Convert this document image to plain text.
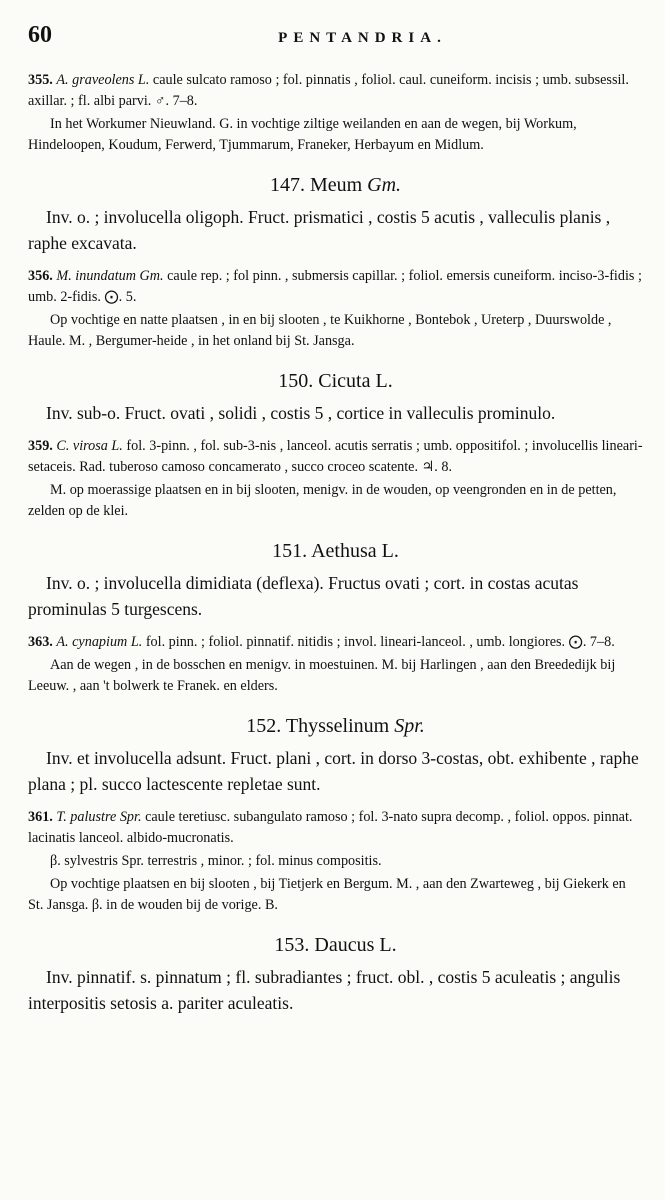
60	PENTANDRIA.
355. A. graveolens L. caule sulcato ramoso ; fol. pinnatis , foliol. caul. cuneiform. incisis ; umb. subsessil. axillar. ; fl. albi parvi. ♂. 7–8.
In het Workumer Nieuwland. G. in vochtige ziltige weilanden en aan de wegen, bij Workum, Hindeloopen, Koudum, Ferwerd, Tjummarum, Franeker, Herbayum en Midlum.
147. Meum Gm.
Inv. o. ; involucella oligoph. Fruct. prismatici , costis 5 acutis , valleculis planis , raphe excavata.
356. M. inundatum Gm. caule rep. ; fol pinn. , submersis capillar. ; foliol. emersis cuneiform. inciso-3-fidis ; umb. 2-fidis. ⨀. 5.
Op vochtige en natte plaatsen , in en bij slooten , te Kuikhorne , Bontebok , Ureterp , Duurswolde , Haule. M. , Bergumer-heide , in het onland bij St. Jansga.
150. Cicuta L.
Inv. sub-o. Fruct. ovati , solidi , costis 5 , cortice in valleculis prominulo.
359. C. virosa L. fol. 3-pinn. , fol. sub-3-nis , lanceol. acutis serratis ; umb. oppositifol. ; involucellis lineari-setaceis. Rad. tuberoso camoso concamerato , succo croceo scatente. ♃. 8.
M. op moerassige plaatsen en in bij slooten, menigv. in de wouden, op veengronden en in de petten, zelden op de klei.
151. Aethusa L.
Inv. o. ; involucella dimidiata (deflexa). Fructus ovati ; cort. in costas acutas prominulas 5 turgescens.
363. A. cynapium L. fol. pinn. ; foliol. pinnatif. nitidis ; invol. lineari-lanceol. , umb. longiores. ⨀. 7–8.
Aan de wegen , in de bosschen en menigv. in moestuinen. M. bij Harlingen , aan den Breededijk bij Leeuw. , aan 't bolwerk te Franek. en elders.
152. Thysselinum Spr.
Inv. et involucella adsunt. Fruct. plani , cort. in dorso 3-costas, obt. exhibente , raphe plana ; pl. succo lactescente repletae sunt.
361. T. palustre Spr. caule teretiusc. subangulato ramoso ; fol. 3-nato supra decomp. , foliol. oppos. pinnat. lacinatis lanceol. albido-mucronatis.
β. sylvestris Spr. terrestris , minor. ; fol. minus compositis.
Op vochtige plaatsen en bij slooten , bij Tietjerk en Bergum. M. , aan den Zwarteweg , bij Giekerk en St. Jansga. β. in de wouden bij de vorige. B.
153. Daucus L.
Inv. pinnatif. s. pinnatum ; fl. subradiantes ; fruct. obl. , costis 5 aculeatis ; angulis interpositis setosis a. pariter aculeatis.
